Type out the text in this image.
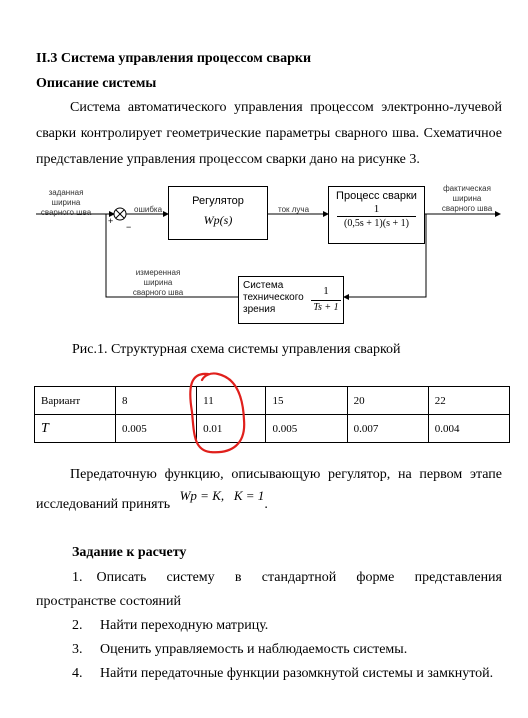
II.3 Система управления процессом сварки
Описание системы
Система автоматического управления процессом электронно-лучевой
сварки контролирует геометрические параметры сварного шва. Схематичное
представление управления процессом сварки дано на рисунке 3.
заданная
ширина
сварного шва
+
−
ошибка
Регулятор
Wp(s)
ток луча
Процесс сварки
1
(0,5s + 1)(s + 1)
фактическая
ширина
сварного шва
измеренная
ширина
сварного шва
Система
технического
зрения
1
Ts + 1
Рис.1. Структурная схема системы управления сваркой
Вариант	8	11	15	20	22
T	0.005	0.01	0.005	0.007	0.004
Передаточную функцию, описывающую регулятор, на первом этапе
исследований принять Wp = K,   K = 1.
Задание к расчету
1. Описать систему в стандартной форме представления
пространстве состояний
2. Найти переходную матрицу.
3. Оценить управляемость и наблюдаемость системы.
4. Найти передаточные функции разомкнутой системы и замкнутой.
